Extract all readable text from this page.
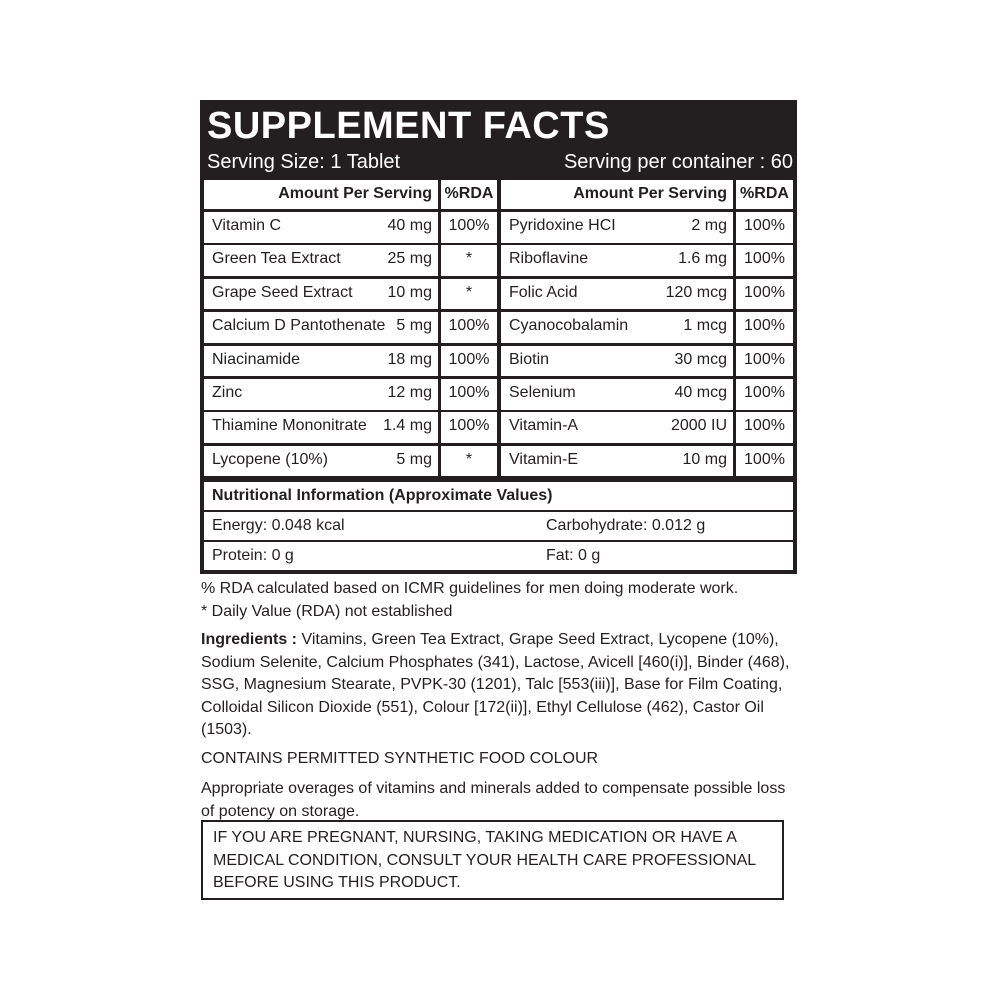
SUPPLEMENT FACTS
Serving Size: 1 Tablet	Serving per container : 60
Amount Per Serving %RDA	Amount Per Serving %RDA
Vitamin C	40 mg	100%
Green Tea Extract	25 mg	*
Grape Seed Extract 10 mg	*
Calcium D Pantothenate 5 mg	100%
Niacinamide	18 mg	100%
Zinc	12 mg	100%
Thiamine Mononitrate 1.4 mg	100%
Lycopene (10%)	5 mg	*
Pyridoxine HCI	2 mg	100%
Riboflavine	1.6 mg	100%
Folic Acid	120 mcg	100%
Cyanocobalamin	1 mcg	100%
Biotin	30 mcg	100%
Selenium	40 mcg	100%
Vitamin-A	2000 IU	100%
Vitamin-E	10 mg	100%
Nutritional Information (Approximate Values)
Energy: 0.048 kcal	Carbohydrate: 0.012 g
Protein: 0 g	Fat: 0 g

% RDA calculated based on ICMR guidelines for men doing moderate work.

* Daily Value (RDA) not established

Ingredients : Vitamins, Green Tea Extract, Grape Seed Extract, Lycopene (10%), Sodium Selenite, Calcium Phosphates (341), Lactose, Avicell [460(i)], Binder (468), SSG, Magnesium Stearate, PVPK-30 (1201), Talc [553(iii)], Base for Film Coating, Colloidal Silicon Dioxide (551), Colour [172(ii)], Ethyl Cellulose (462), Castor Oil (1503).

CONTAINS PERMITTED SYNTHETIC FOOD COLOUR

Appropriate overages of vitamins and minerals added to compensate possible loss of potency on storage.

IF YOU ARE PREGNANT, NURSING, TAKING MEDICATION OR HAVE A MEDICAL CONDITION, CONSULT YOUR HEALTH CARE PROFESSIONAL BEFORE USING THIS PRODUCT.
